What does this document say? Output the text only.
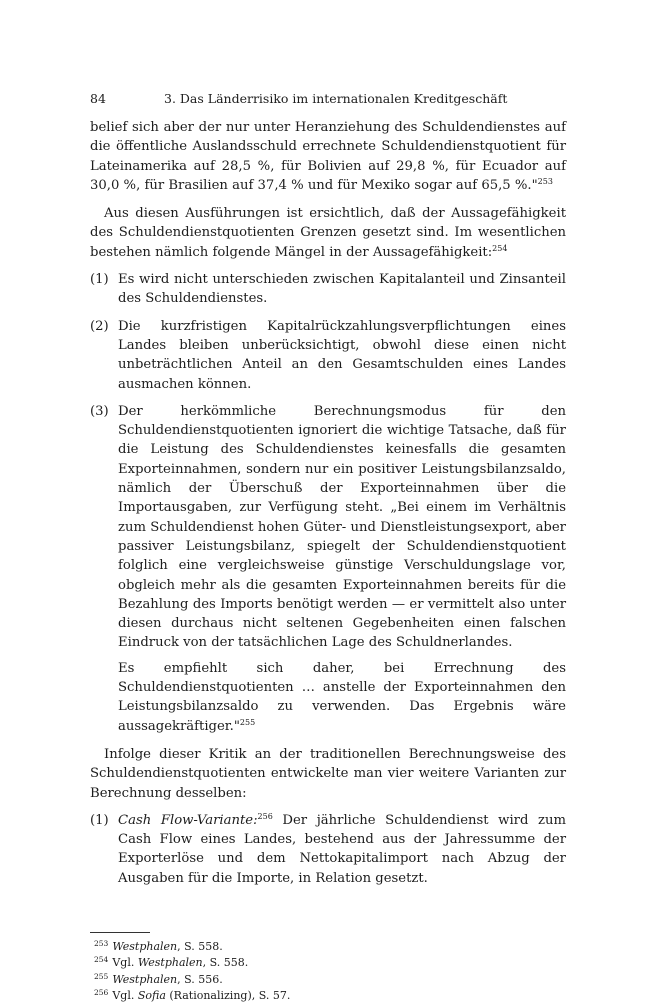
84	3. Das Länderrisiko im internationalen Kreditgeschäft

belief sich aber der nur unter Heranziehung des Schuldendienstes auf die öffentliche Auslandsschuld errechnete Schuldendienstquotient für Lateinamerika auf 28,5 %, für Bolivien auf 29,8 %, für Ecuador auf 30,0 %, für Brasilien auf 37,4 % und für Mexiko sogar auf 65,5 %."$^{253}$

Aus diesen Ausführungen ist ersichtlich, daß der Aussagefähigkeit des Schuldendienstquotienten Grenzen gesetzt sind. Im wesentlichen bestehen nämlich folgende Mängel in der Aussagefähigkeit:$^{254}$

(1) Es wird nicht unterschieden zwischen Kapitalanteil und Zinsanteil des Schuldendienstes.

(2) Die kurzfristigen Kapitalrückzahlungsverpflichtungen eines Landes bleiben unberücksichtigt, obwohl diese einen nicht unbeträchtlichen Anteil an den Gesamtschulden eines Landes ausmachen können.

(3) Der herkömmliche Berechnungsmodus für den Schuldendienstquotienten ignoriert die wichtige Tatsache, daß für die Leistung des Schuldendienstes keinesfalls die gesamten Exporteinnahmen, sondern nur ein positiver Leistungsbilanzsaldo, nämlich der Überschuß der Exporteinnahmen über die Importausgaben, zur Verfügung steht. „Bei einem im Verhältnis zum Schuldendienst hohen Güter- und Dienstleistungsexport, aber passiver Leistungsbilanz, spiegelt der Schuldendienstquotient folglich eine vergleichsweise günstige Verschuldungslage vor, obgleich mehr als die gesamten Exporteinnahmen bereits für die Bezahlung des Imports benötigt werden — er vermittelt also unter diesen durchaus nicht seltenen Gegebenheiten einen falschen Eindruck von der tatsächlichen Lage des Schuldnerlandes.

Es empfiehlt sich daher, bei Errechnung des Schuldendienstquotienten … anstelle der Exporteinnahmen den Leistungsbilanzsaldo zu verwenden. Das Ergebnis wäre aussagekräftiger."$^{255}$

Infolge dieser Kritik an der traditionellen Berechnungsweise des Schuldendienstquotienten entwickelte man vier weitere Varianten zur Berechnung desselben:

(1) Cash Flow-Variante:$^{256}$ Der jährliche Schuldendienst wird zum Cash Flow eines Landes, bestehend aus der Jahressumme der Exporterlöse und dem Nettokapitalimport nach Abzug der Ausgaben für die Importe, in Relation gesetzt.

$^{253}$ Westphalen, S. 558.
$^{254}$ Vgl. Westphalen, S. 558.
$^{255}$ Westphalen, S. 556.
$^{256}$ Vgl. Sofia (Rationalizing), S. 57.
